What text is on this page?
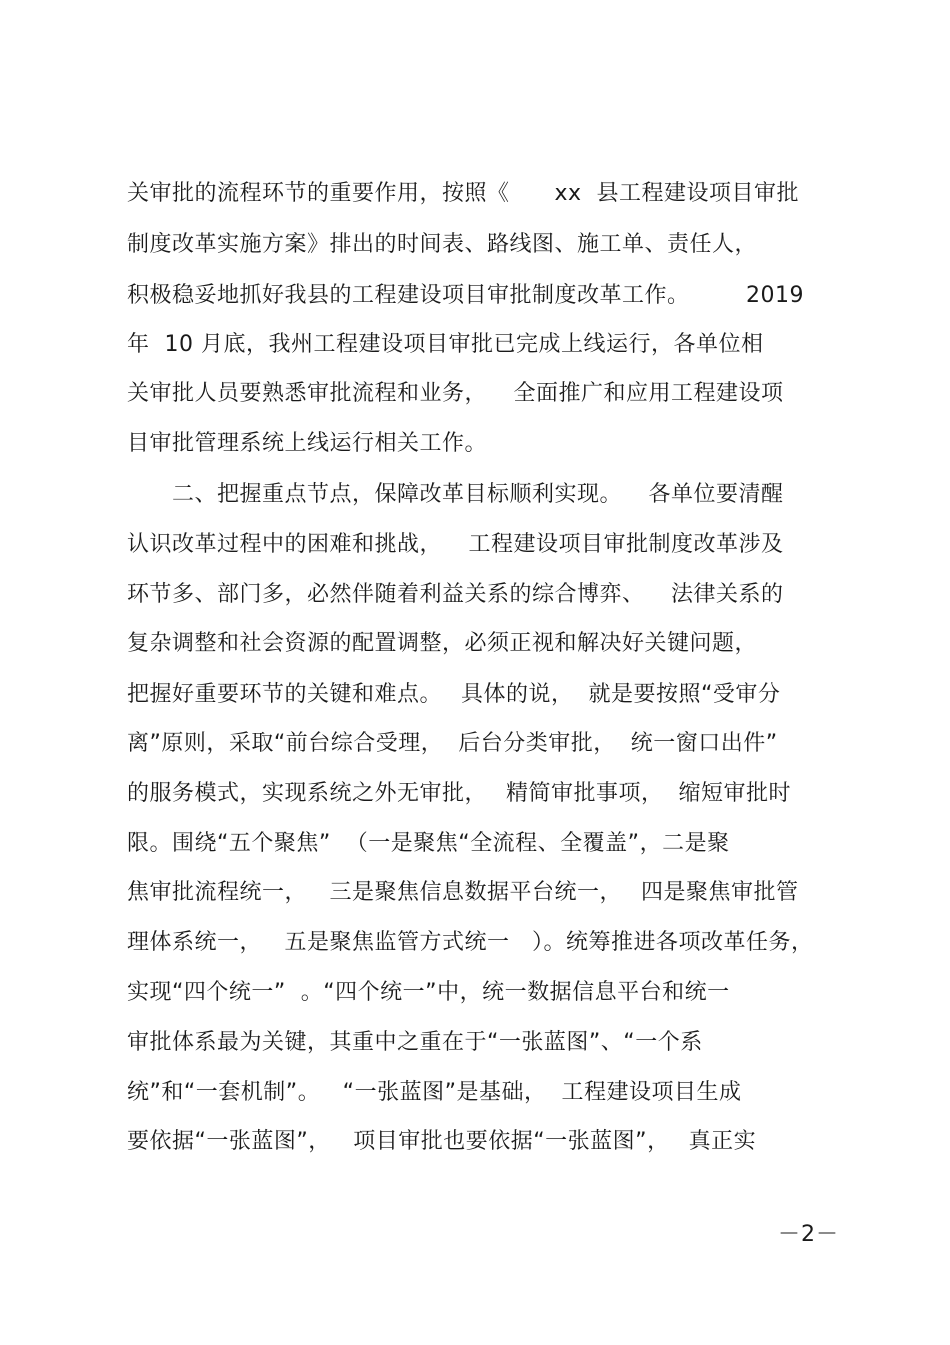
关审批的流程环节的重要作用，按照《　　xx  县工程建设项目审批
制度改革实施方案》排出的时间表、路线图、施工单、责任人，
积极稳妥地抓好我县的工程建设项目审批制度改革工作。　　　2019
年  10 月底，我州工程建设项目审批已完成上线运行，各单位相
关审批人员要熟悉审批流程和业务，　  全面推广和应用工程建设项
目审批管理系统上线运行相关工作。
　　二、把握重点节点，保障改革目标顺利实现。　  各单位要清醒
认识改革过程中的困难和挑战，　  工程建设项目审批制度改革涉及
环节多、部门多，必然伴随着利益关系的综合博弈、　  法律关系的
复杂调整和社会资源的配置调整，必须正视和解决好关键问题，
把握好重要环节的关键和难点。　 具体的说，  就是要按照“受审分
离”原则，采取“前台综合受理，  后台分类审批，  统一窗口出件”
的服务模式，实现系统之外无审批，　 精简审批事项，  缩短审批时
限。围绕“五个聚焦”  （一是聚焦“全流程、全覆盖”，二是聚
焦审批流程统一，   三是聚焦信息数据平台统一，　 四是聚焦审批管
理体系统一，   五是聚焦监管方式统一　）。统筹推进各项改革任务，
实现“四个统一”  。“四个统一”中，统一数据信息平台和统一
审批体系最为关键，其重中之重在于“一张蓝图”、“一个系
统”和“一套机制”。   “一张蓝图”是基础，  工程建设项目生成
要依据“一张蓝图”，   项目审批也要依据“一张蓝图”，　 真正实
－2－
